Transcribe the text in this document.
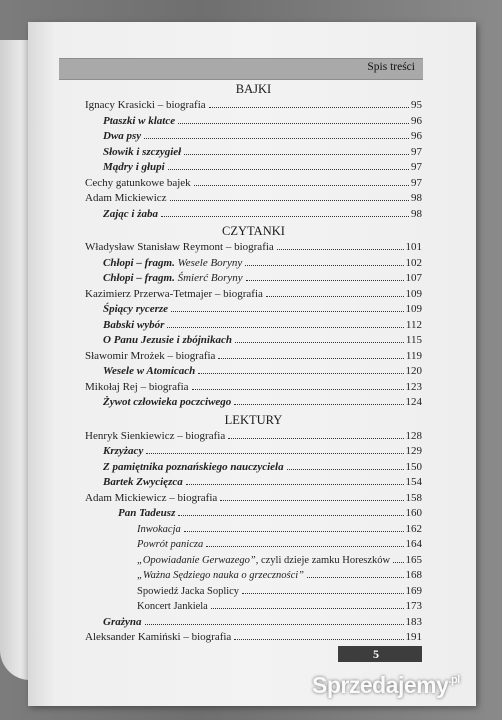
Spis treści
BAJKI
Ignacy Krasicki – biografia	95
Ptaszki w klatce	96
Dwa psy	96
Słowik i szczygieł	97
Mądry i głupi	97
Cechy gatunkowe bajek	97
Adam Mickiewicz	98
Zając i żaba	98
CZYTANKI
Władysław Stanisław Reymont – biografia	101
Chłopi – fragm. Wesele Boryny	102
Chłopi – fragm. Śmierć Boryny	107
Kazimierz Przerwa-Tetmajer – biografia	109
Śpiący rycerze	109
Babski wybór	112
O Panu Jezusie i zbójnikach	115
Sławomir Mrożek – biografia	119
Wesele w Atomicach	120
Mikołaj Rej – biografia	123
Żywot człowieka poczciwego	124
LEKTURY
Henryk Sienkiewicz – biografia	128
Krzyżacy	129
Z pamiętnika poznańskiego nauczyciela	150
Bartek Zwycięzca	154
Adam Mickiewicz – biografia	158
Pan Tadeusz	160
Inwokacja	162
Powrót panicza	164
„Opowiadanie Gerwazego”, czyli dzieje zamku Horeszków 165
„Ważna Sędziego nauka o grzeczności”	168
Spowiedź Jacka Soplicy	169
Koncert Jankiela	173
Grażyna	183
Aleksander Kamiński – biografia	191
5
Sprzedajemy$^{.pl}$
